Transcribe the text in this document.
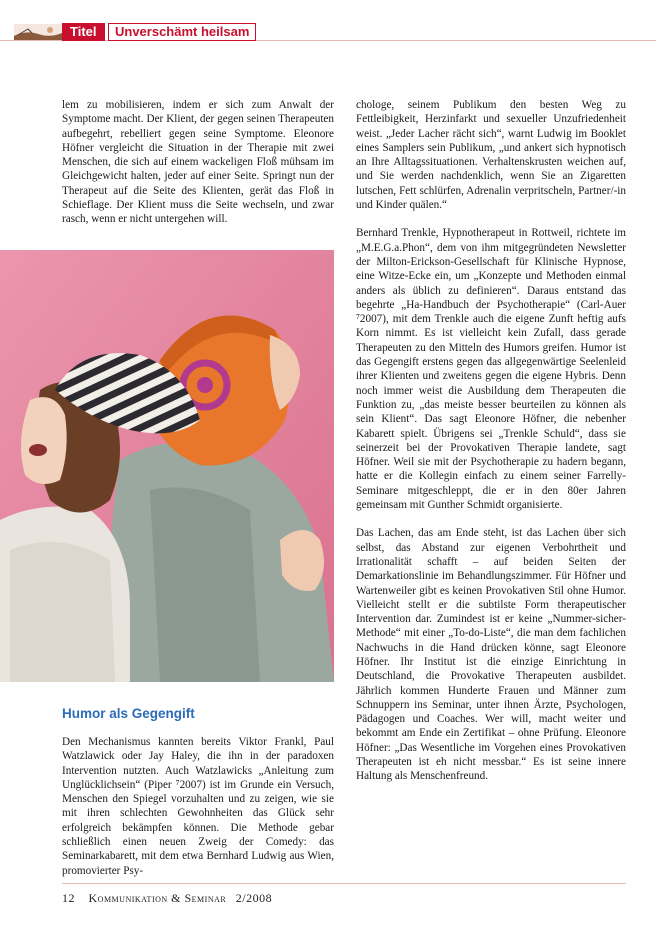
Titel	Unverschämt heilsam

lem zu mobilisieren, indem er sich zum Anwalt der Symptome macht. Der Klient, der gegen seinen Therapeuten aufbegehrt, rebelliert gegen seine Symptome. Eleonore Höfner vergleicht die Situation in der Therapie mit zwei Menschen, die sich auf einem wackeligen Floß mühsam im Gleichgewicht halten, jeder auf einer Seite. Springt nun der Therapeut auf die Seite des Klienten, gerät das Floß in Schieflage. Der Klient muss die Seite wechseln, und zwar rasch, wenn er nicht untergehen will.

Humor als Gegengift

Den Mechanismus kannten bereits Viktor Frankl, Paul Watzlawick oder Jay Haley, die ihn in der paradoxen Intervention nutzten. Auch Watzlawicks „Anleitung zum Unglücklichsein“ (Piper ⁷2007) ist im Grunde ein Versuch, Menschen den Spiegel vorzuhalten und zu zeigen, wie sie mit ihren schlechten Gewohnheiten das Glück sehr erfolgreich bekämpfen können. Die Methode gebar schließlich einen neuen Zweig der Comedy: das Seminarkabarett, mit dem etwa Bernhard Ludwig aus Wien, promovierter Psy-

chologe, seinem Publikum den besten Weg zu Fettleibigkeit, Herzinfarkt und sexueller Unzufriedenheit weist. „Jeder Lacher rächt sich“, warnt Ludwig im Booklet eines Samplers sein Publikum, „und ankert sich hypnotisch an Ihre Alltagssituationen. Verhaltenskrusten weichen auf, und Sie werden nachdenklich, wenn Sie an Zigaretten lutschen, Fett schlürfen, Adrenalin verpritscheln, Partner/-in und Kinder quälen.“

Bernhard Trenkle, Hypnotherapeut in Rottweil, richtete im „M.E.G.a.Phon“, dem von ihm mitgegründeten Newsletter der Milton-Erickson-Gesellschaft für Klinische Hypnose, eine Witze-Ecke ein, um „Konzepte und Methoden einmal anders als üblich zu definieren“. Daraus entstand das begehrte „Ha-Handbuch der Psychotherapie“ (Carl-Auer ⁷2007), mit dem Trenkle auch die eigene Zunft heftig aufs Korn nimmt. Es ist vielleicht kein Zufall, dass gerade Therapeuten zu den Mitteln des Humors greifen. Humor ist das Gegengift erstens gegen das allgegenwärtige Seelenleid ihrer Klienten und zweitens gegen die eigene Hybris. Denn noch immer weist die Ausbildung dem Therapeuten die Funktion zu, „das meiste besser beurteilen zu können als sein Klient“. Das sagt Eleonore Höfner, die nebenher Kabarett spielt. Übrigens sei „Trenkle Schuld“, dass sie seinerzeit bei der Provokativen Therapie landete, sagt Höfner. Weil sie mit der Psychotherapie zu hadern begann, hatte er die Kollegin einfach zu einem seiner Farrelly-Seminare mitgeschleppt, die er in den 80er Jahren gemeinsam mit Gunther Schmidt organisierte.

Das Lachen, das am Ende steht, ist das Lachen über sich selbst, das Abstand zur eigenen Verbohrtheit und Irrationalität schafft – auf beiden Seiten der Demarkationslinie im Behandlungszimmer. Für Höfner und Wartenweiler gibt es keinen Provokativen Stil ohne Humor. Vielleicht stellt er die subtilste Form therapeutischer Intervention dar. Zumindest ist er keine „Nummer-sicher-Methode“ mit einer „To-do-Liste“, die man dem fachlichen Nachwuchs in die Hand drücken könne, sagt Eleonore Höfner. Ihr Institut ist die einzige Einrichtung in Deutschland, die Provokative Therapeuten ausbildet. Jährlich kommen Hunderte Frauen und Männer zum Schnuppern ins Seminar, unter ihnen Ärzte, Psychologen, Pädagogen und Coaches. Wer will, macht weiter und bekommt am Ende ein Zertifikat – ohne Prüfung. Eleonore Höfner: „Das Wesentliche im Vorgehen eines Provokativen Therapeuten ist eh nicht messbar.“ Es ist seine innere Haltung als Menschenfreund.

12 Kommunikation & Seminar 2/2008
